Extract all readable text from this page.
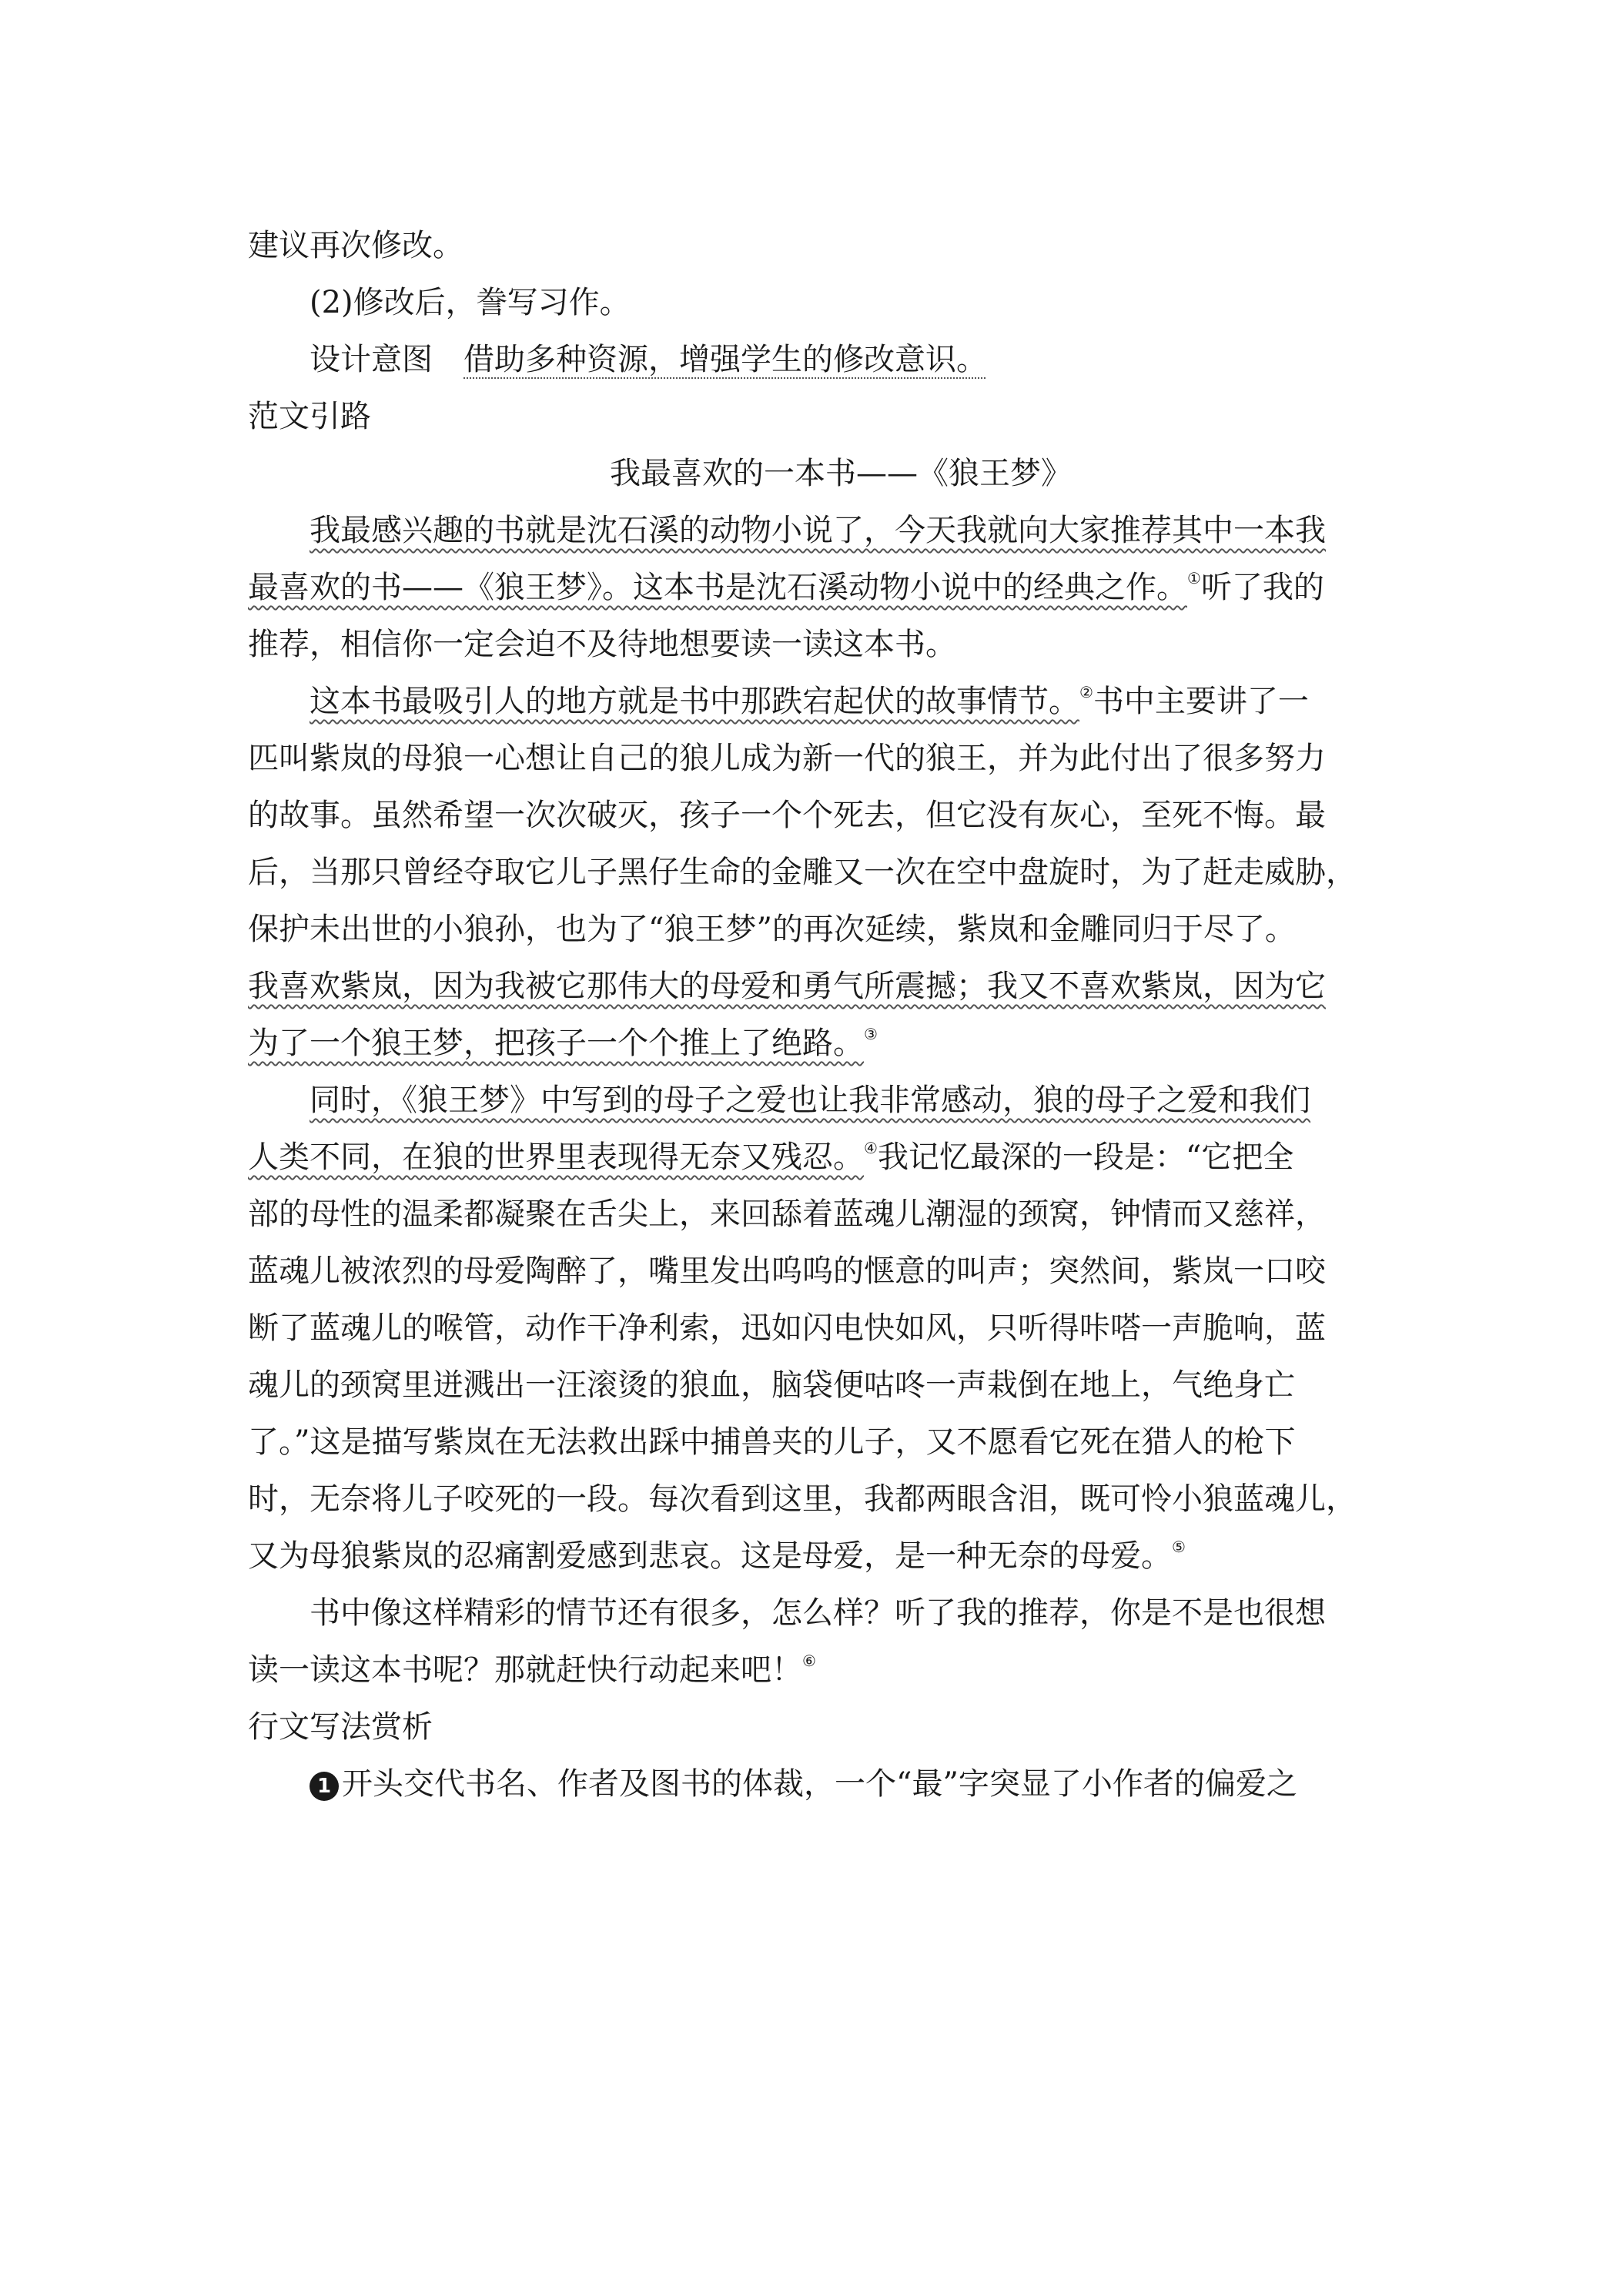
建议再次修改。
(2)修改后，誊写习作。
设计意图 借助多种资源，增强学生的修改意识。
范文引路
我最喜欢的一本书——《狼王梦》
我最感兴趣的书就是沈石溪的动物小说了，今天我就向大家推荐其中一本我
最喜欢的书——《狼王梦》。这本书是沈石溪动物小说中的经典之作。①听了我的
推荐，相信你一定会迫不及待地想要读一读这本书。
这本书最吸引人的地方就是书中那跌宕起伏的故事情节。②书中主要讲了一
匹叫紫岚的母狼一心想让自己的狼儿成为新一代的狼王，并为此付出了很多努力
的故事。虽然希望一次次破灭，孩子一个个死去，但它没有灰心，至死不悔。最
后，当那只曾经夺取它儿子黑仔生命的金雕又一次在空中盘旋时，为了赶走威胁，
保护未出世的小狼孙，也为了“狼王梦”的再次延续，紫岚和金雕同归于尽了。
我喜欢紫岚，因为我被它那伟大的母爱和勇气所震撼；我又不喜欢紫岚，因为它
为了一个狼王梦，把孩子一个个推上了绝路。③
同时，《狼王梦》中写到的母子之爱也让我非常感动，狼的母子之爱和我们
人类不同，在狼的世界里表现得无奈又残忍。④我记忆最深的一段是：“它把全
部的母性的温柔都凝聚在舌尖上，来回舔着蓝魂儿潮湿的颈窝，钟情而又慈祥，
蓝魂儿被浓烈的母爱陶醉了，嘴里发出呜呜的惬意的叫声；突然间，紫岚一口咬
断了蓝魂儿的喉管，动作干净利索，迅如闪电快如风，只听得咔嗒一声脆响，蓝
魂儿的颈窝里迸溅出一汪滚烫的狼血，脑袋便咕咚一声栽倒在地上，气绝身亡
了。”这是描写紫岚在无法救出踩中捕兽夹的儿子，又不愿看它死在猎人的枪下
时，无奈将儿子咬死的一段。每次看到这里，我都两眼含泪，既可怜小狼蓝魂儿，
又为母狼紫岚的忍痛割爱感到悲哀。这是母爱，是一种无奈的母爱。⑤
书中像这样精彩的情节还有很多，怎么样？听了我的推荐，你是不是也很想
读一读这本书呢？那就赶快行动起来吧！⑥
行文写法赏析
1 开头交代书名、作者及图书的体裁，一个“最”字突显了小作者的偏爱之
